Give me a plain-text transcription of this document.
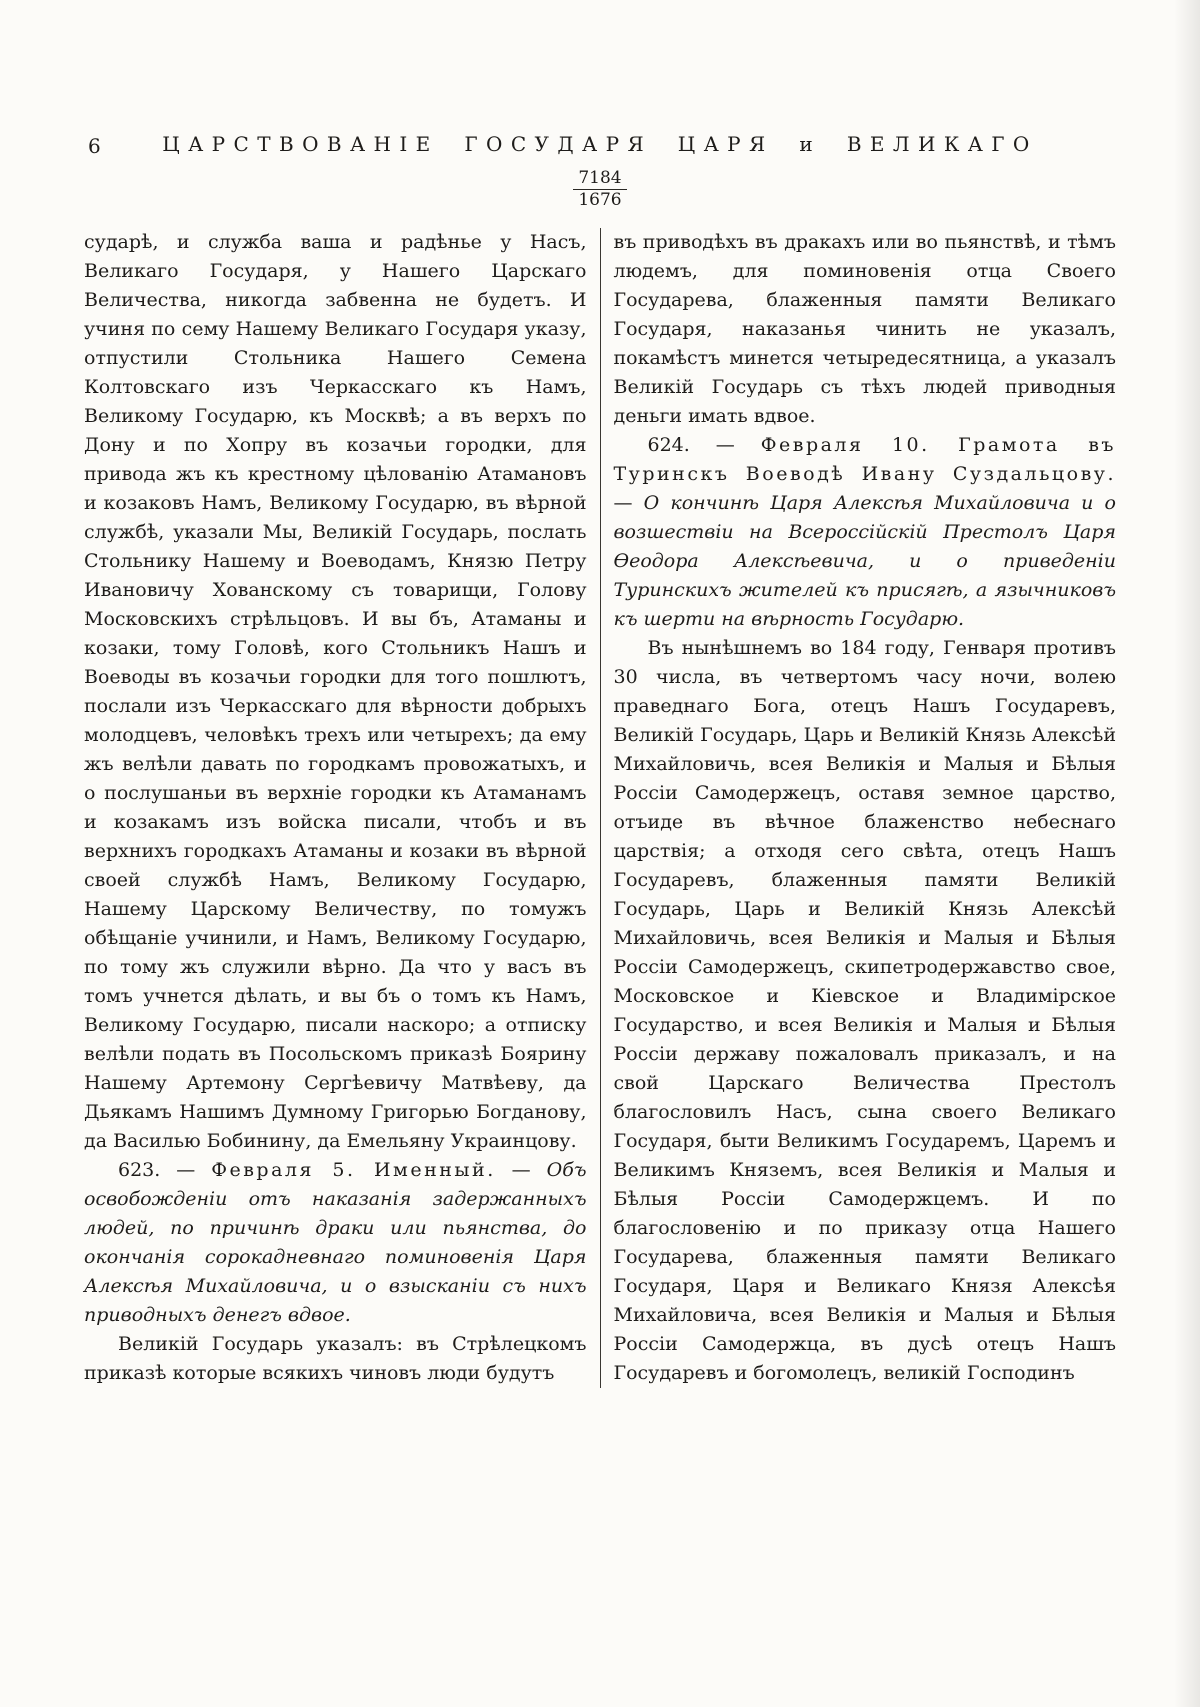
6	ЦАРСТВОВАНІЕ ГОСУДАРЯ ЦАРЯ и ВЕЛИКАГО
7184
1676

сударѣ, и служба ваша и радѣнье у Насъ, Великаго Государя, у Нашего Царскаго Величества, никогда забвенна не будетъ. И учиня по сему Нашему Великаго Государя указу, отпустили Стольника Нашего Семена Колтовскаго изъ Черкасскаго къ Намъ, Великому Государю, къ Москвѣ; а въ верхъ по Дону и по Хопру въ козачьи городки, для привода жъ къ крестному цѣлованію Атамановъ и козаковъ Намъ, Великому Государю, въ вѣрной службѣ, указали Мы, Великій Государь, послать Стольнику Нашему и Воеводамъ, Князю Петру Ивановичу Хованскому съ товарищи, Голову Московскихъ стрѣльцовъ. И вы бъ, Атаманы и козаки, тому Головѣ, кого Стольникъ Нашъ и Воеводы въ козачьи городки для того пошлютъ, послали изъ Черкасскаго для вѣрности добрыхъ молодцевъ, человѣкъ трехъ или четырехъ; да ему жъ велѣли давать по городкамъ провожатыхъ, и о послушаньи въ верхніе городки къ Атаманамъ и козакамъ изъ войска писали, чтобъ и въ верхнихъ городкахъ Атаманы и козаки въ вѣрной своей службѣ Намъ, Великому Государю, Нашему Царскому Величеству, по томужъ обѣщаніе учинили, и Намъ, Великому Государю, по тому жъ служили вѣрно. Да что у васъ въ томъ учнется дѣлать, и вы бъ о томъ къ Намъ, Великому Государю, писали наскоро; а отписку велѣли подать въ Посольскомъ приказѣ Боярину Нашему Артемону Сергѣевичу Матвѣеву, да Дьякамъ Нашимъ Думному Григорью Богданову, да Василью Бобинину, да Емельяну Украинцову.

623. — Февраля 5. Именный. — Объ освобожденіи отъ наказанія задержанныхъ людей, по причинѣ драки или пьянства, до окончанія сорокадневнаго поминовенія Царя Алексѣя Михайловича, и о взысканіи съ нихъ приводныхъ денегъ вдвое.

Великій Государь указалъ: въ Стрѣлецкомъ приказѣ которые всякихъ чиновъ люди будутъ

въ приводѣхъ въ дракахъ или во пьянствѣ, и тѣмъ людемъ, для поминовенія отца Своего Государева, блаженныя памяти Великаго Государя, наказанья чинить не указалъ, покамѣстъ минется четыредесятница, а указалъ Великій Государь съ тѣхъ людей приводныя деньги имать вдвое.

624. — Февраля 10. Грамота въ Туринскъ Воеводѣ Ивану Суздальцову. — О кончинѣ Царя Алексѣя Михайловича и о возшествіи на Всероссійскій Престолъ Царя Ѳеодора Алексѣевича, и о приведеніи Туринскихъ жителей къ присягѣ, а язычниковъ къ шерти на вѣрность Государю.

Въ нынѣшнемъ во 184 году, Генваря противъ 30 числа, въ четвертомъ часу ночи, волею праведнаго Бога, отецъ Нашъ Государевъ, Великій Государь, Царь и Великій Князь Алексѣй Михайловичь, всея Великія и Малыя и Бѣлыя Россіи Самодержецъ, оставя земное царство, отъиде въ вѣчное блаженство небеснаго царствія; а отходя сего свѣта, отецъ Нашъ Государевъ, блаженныя памяти Великій Государь, Царь и Великій Князь Алексѣй Михайловичь, всея Великія и Малыя и Бѣлыя Россіи Самодержецъ, скипетродержавство свое, Московское и Кіевское и Владимірское Государство, и всея Великія и Малыя и Бѣлыя Россіи державу пожаловалъ приказалъ, и на свой Царскаго Величества Престолъ благословилъ Насъ, сына своего Великаго Государя, быти Великимъ Государемъ, Царемъ и Великимъ Княземъ, всея Великія и Малыя и Бѣлыя Россіи Самодержцемъ. И по благословенію и по приказу отца Нашего Государева, блаженныя памяти Великаго Государя, Царя и Великаго Князя Алексѣя Михайловича, всея Великія и Малыя и Бѣлыя Россіи Самодержца, въ дусѣ отецъ Нашъ Государевъ и богомолецъ, великій Господинъ
